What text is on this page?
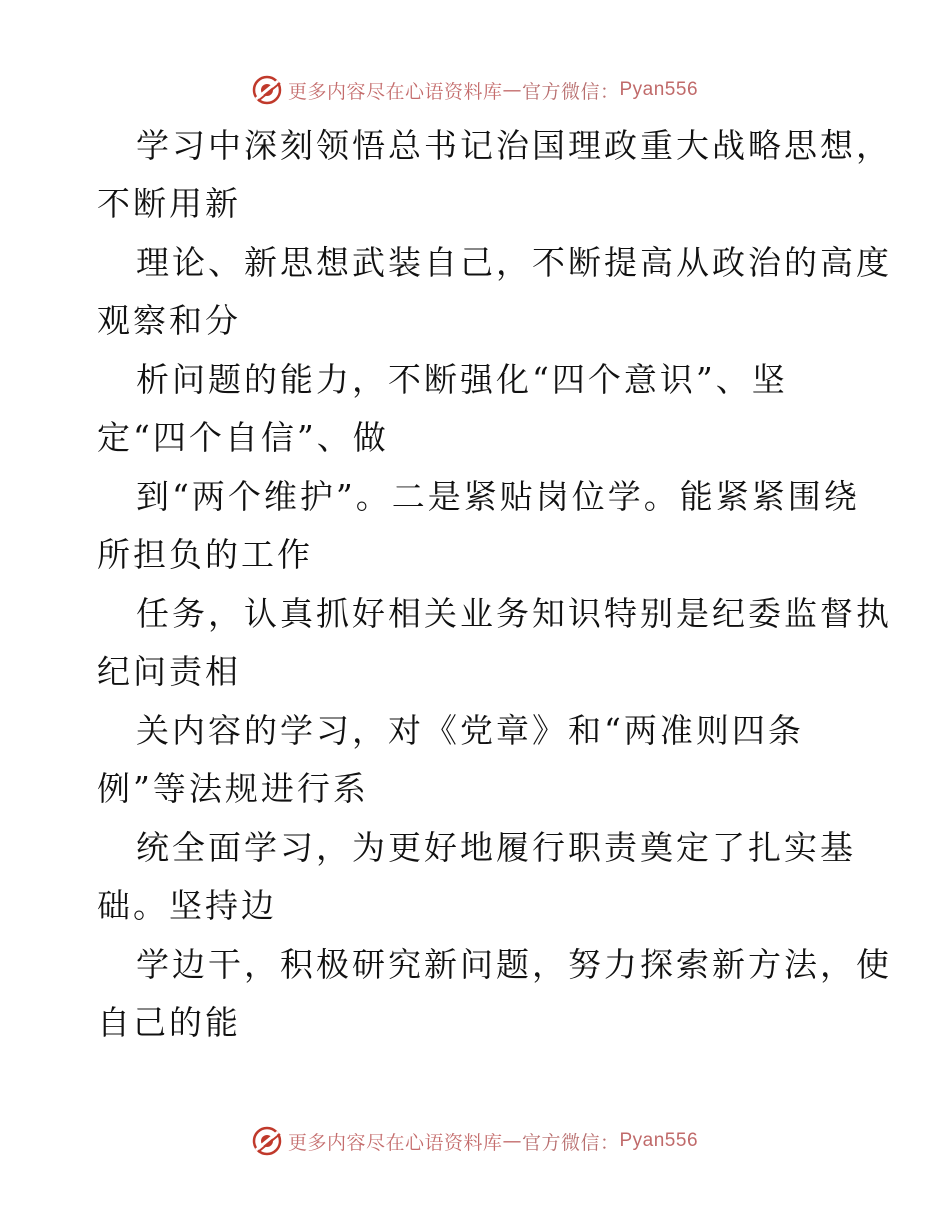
更多内容尽在心语资料库 — 官方微信： Pyan556
学习中深刻领悟总书记治国理政重大战略思想，
不断用新
理论、新思想武装自己，不断提高从政治的高度
观察和分
析问题的能力，不断强化“四个意识”、坚
定“四个自信”、做
到“两个维护”。二是紧贴岗位学。能紧紧围绕
所担负的工作
任务，认真抓好相关业务知识特别是纪委监督执
纪问责相
关内容的学习，对《党章》和“两准则四条
例”等法规进行系
统全面学习，为更好地履行职责奠定了扎实基
础。坚持边
学边干，积极研究新问题，努力探索新方法，使
自己的能
更多内容尽在心语资料库 — 官方微信： Pyan556
